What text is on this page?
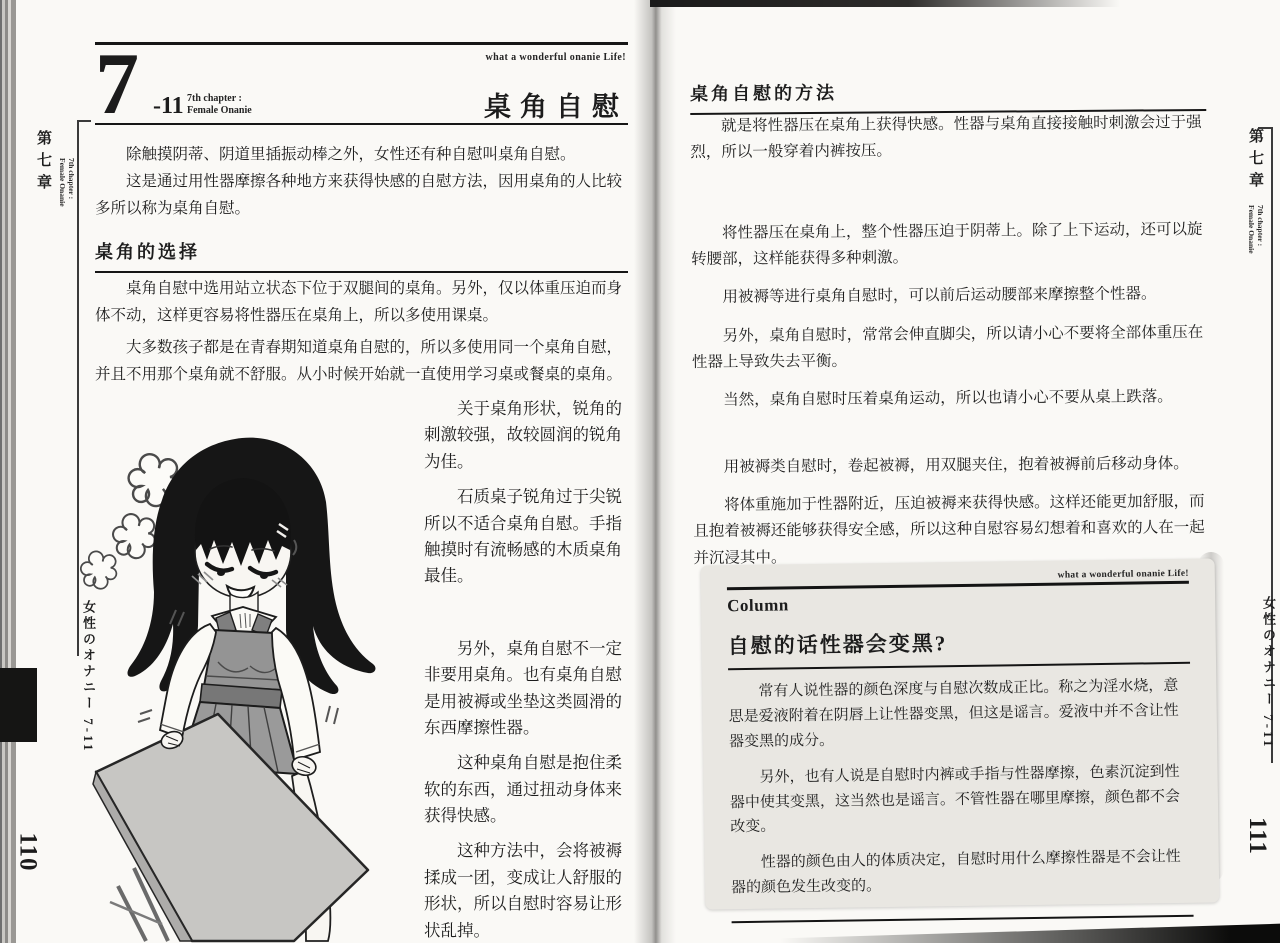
what a wonderful onanie Life!
7 -11 7th chapter :
Female Onanie	桌角自慰

除触摸阴蒂、阴道里插振动棒之外，女性还有种自慰叫桌角自慰。

这是通过用性器摩擦各种地方来获得快感的自慰方法，因用桌角的人比较多所以称为桌角自慰。

桌角的选择

桌角自慰中选用站立状态下位于双腿间的桌角。另外，仅以体重压迫而身体不动，这样更容易将性器压在桌角上，所以多使用课桌。

大多数孩子都是在青春期知道桌角自慰的，所以多使用同一个桌角自慰，并且不用那个桌角就不舒服。从小时候开始就一直使用学习桌或餐桌的桌角。

关于桌角形状，锐角的刺激较强，故较圆润的锐角为佳。

石质桌子锐角过于尖锐所以不适合桌角自慰。手指触摸时有流畅感的木质桌角最佳。

另外，桌角自慰不一定非要用桌角。也有桌角自慰是用被褥或坐垫这类圆滑的东西摩擦性器。

这种桌角自慰是抱住柔软的东西，通过扭动身体来获得快感。

这种方法中，会将被褥揉成一团，变成让人舒服的形状，所以自慰时容易让形状乱掉。

第七章	7th chapter :
Female Onanie
女性のオナニー 7-11
110
桌角自慰的方法

就是将性器压在桌角上获得快感。性器与桌角直接接触时刺激会过于强烈，所以一般穿着内裤按压。

将性器压在桌角上，整个性器压迫于阴蒂上。除了上下运动，还可以旋转腰部，这样能获得多种刺激。

用被褥等进行桌角自慰时，可以前后运动腰部来摩擦整个性器。

另外，桌角自慰时，常常会伸直脚尖，所以请小心不要将全部体重压在性器上导致失去平衡。

当然，桌角自慰时压着桌角运动，所以也请小心不要从桌上跌落。

用被褥类自慰时，卷起被褥，用双腿夹住，抱着被褥前后移动身体。

将体重施加于性器附近，压迫被褥来获得快感。这样还能更加舒服，而且抱着被褥还能够获得安全感，所以这种自慰容易幻想着和喜欢的人在一起并沉浸其中。

what a wonderful onanie Life!
Column
自慰的话性器会变黑?

常有人说性器的颜色深度与自慰次数成正比。称之为淫水烧，意思是爱液附着在阴唇上让性器变黑，但这是谣言。爱液中并不含让性器变黑的成分。

另外，也有人说是自慰时内裤或手指与性器摩擦，色素沉淀到性器中使其变黑，这当然也是谣言。不管性器在哪里摩擦，颜色都不会改变。

性器的颜色由人的体质决定，自慰时用什么摩擦性器是不会让性器的颜色发生改变的。

第七章
7th chapter :
Female Onanie
女性のオナニー 7-11
111
